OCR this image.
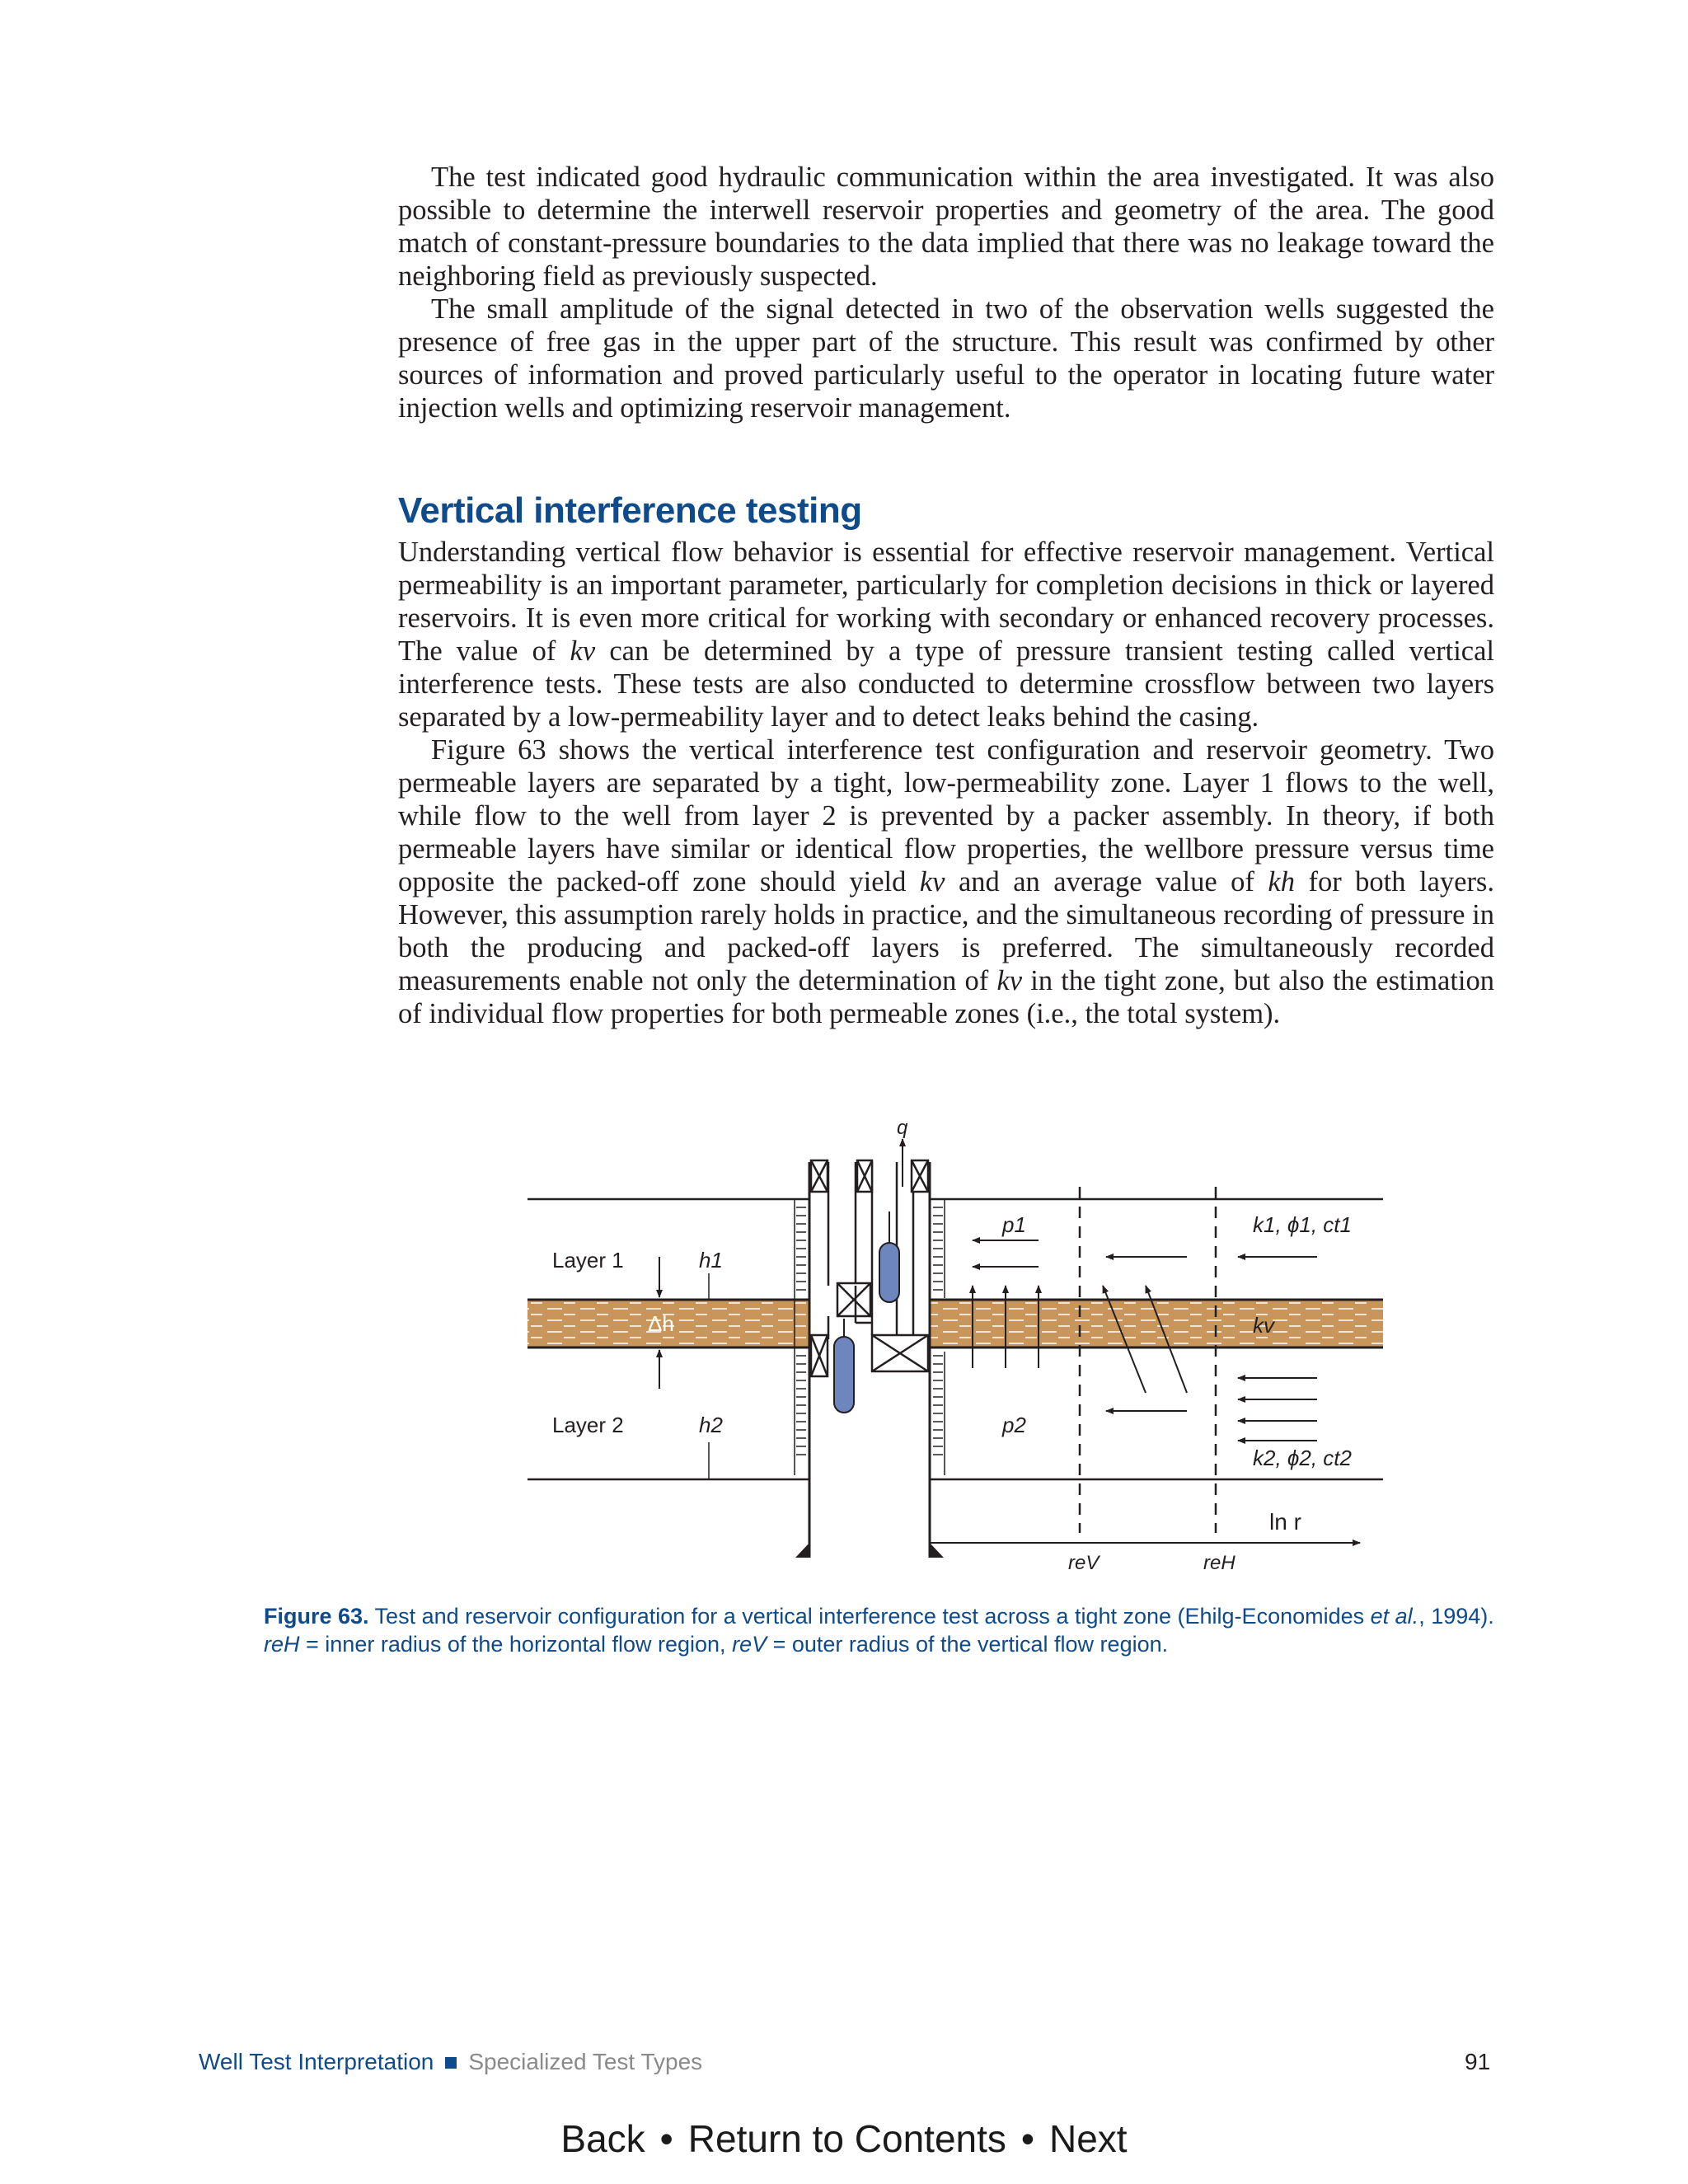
The test indicated good hydraulic communication within the area investigated. It was also possible to determine the interwell reservoir properties and geometry of the area. The good match of constant-pressure boundaries to the data implied that there was no leakage toward the neighboring field as previously suspected.

The small amplitude of the signal detected in two of the observation wells suggested the presence of free gas in the upper part of the structure. This result was confirmed by other sources of information and proved particularly useful to the operator in locating future water injection wells and optimizing reservoir management.

Vertical interference testing

Understanding vertical flow behavior is essential for effective reservoir management. Vertical permeability is an important parameter, particularly for completion decisions in thick or layered reservoirs. It is even more critical for working with secondary or enhanced recovery processes. The value of kv can be determined by a type of pressure transient testing called vertical interference tests. These tests are also conducted to determine crossflow between two layers separated by a low-permeability layer and to detect leaks behind the casing.

Figure 63 shows the vertical interference test configuration and reservoir geometry. Two permeable layers are separated by a tight, low-permeability zone. Layer 1 flows to the well, while flow to the well from layer 2 is prevented by a packer assembly. In theory, if both permeable layers have similar or identical flow properties, the wellbore pressure versus time opposite the packed-off zone should yield kv and an average value of kh for both layers. However, this assumption rarely holds in practice, and the simultaneous recording of pressure in both the producing and packed-off layers is preferred. The simultaneously recorded measurements enable not only the determination of kv in the tight zone, but also the estimation of individual flow properties for both permeable zones (i.e., the total system).

q
Layer 1
Layer 2
h1
h2
Δh
p1
p2
k1, ϕ1, ct1
k2, ϕ2, ct2
kv
ln r
reV	reH
Figure 63. Test and reservoir configuration for a vertical interference test across a tight zone (Ehilg-Economides et al., 1994).
reH = inner radius of the horizontal flow region, reV = outer radius of the vertical flow region.
Well Test Interpretation Specialized Test Types	91
Back • Return to Contents • Next
